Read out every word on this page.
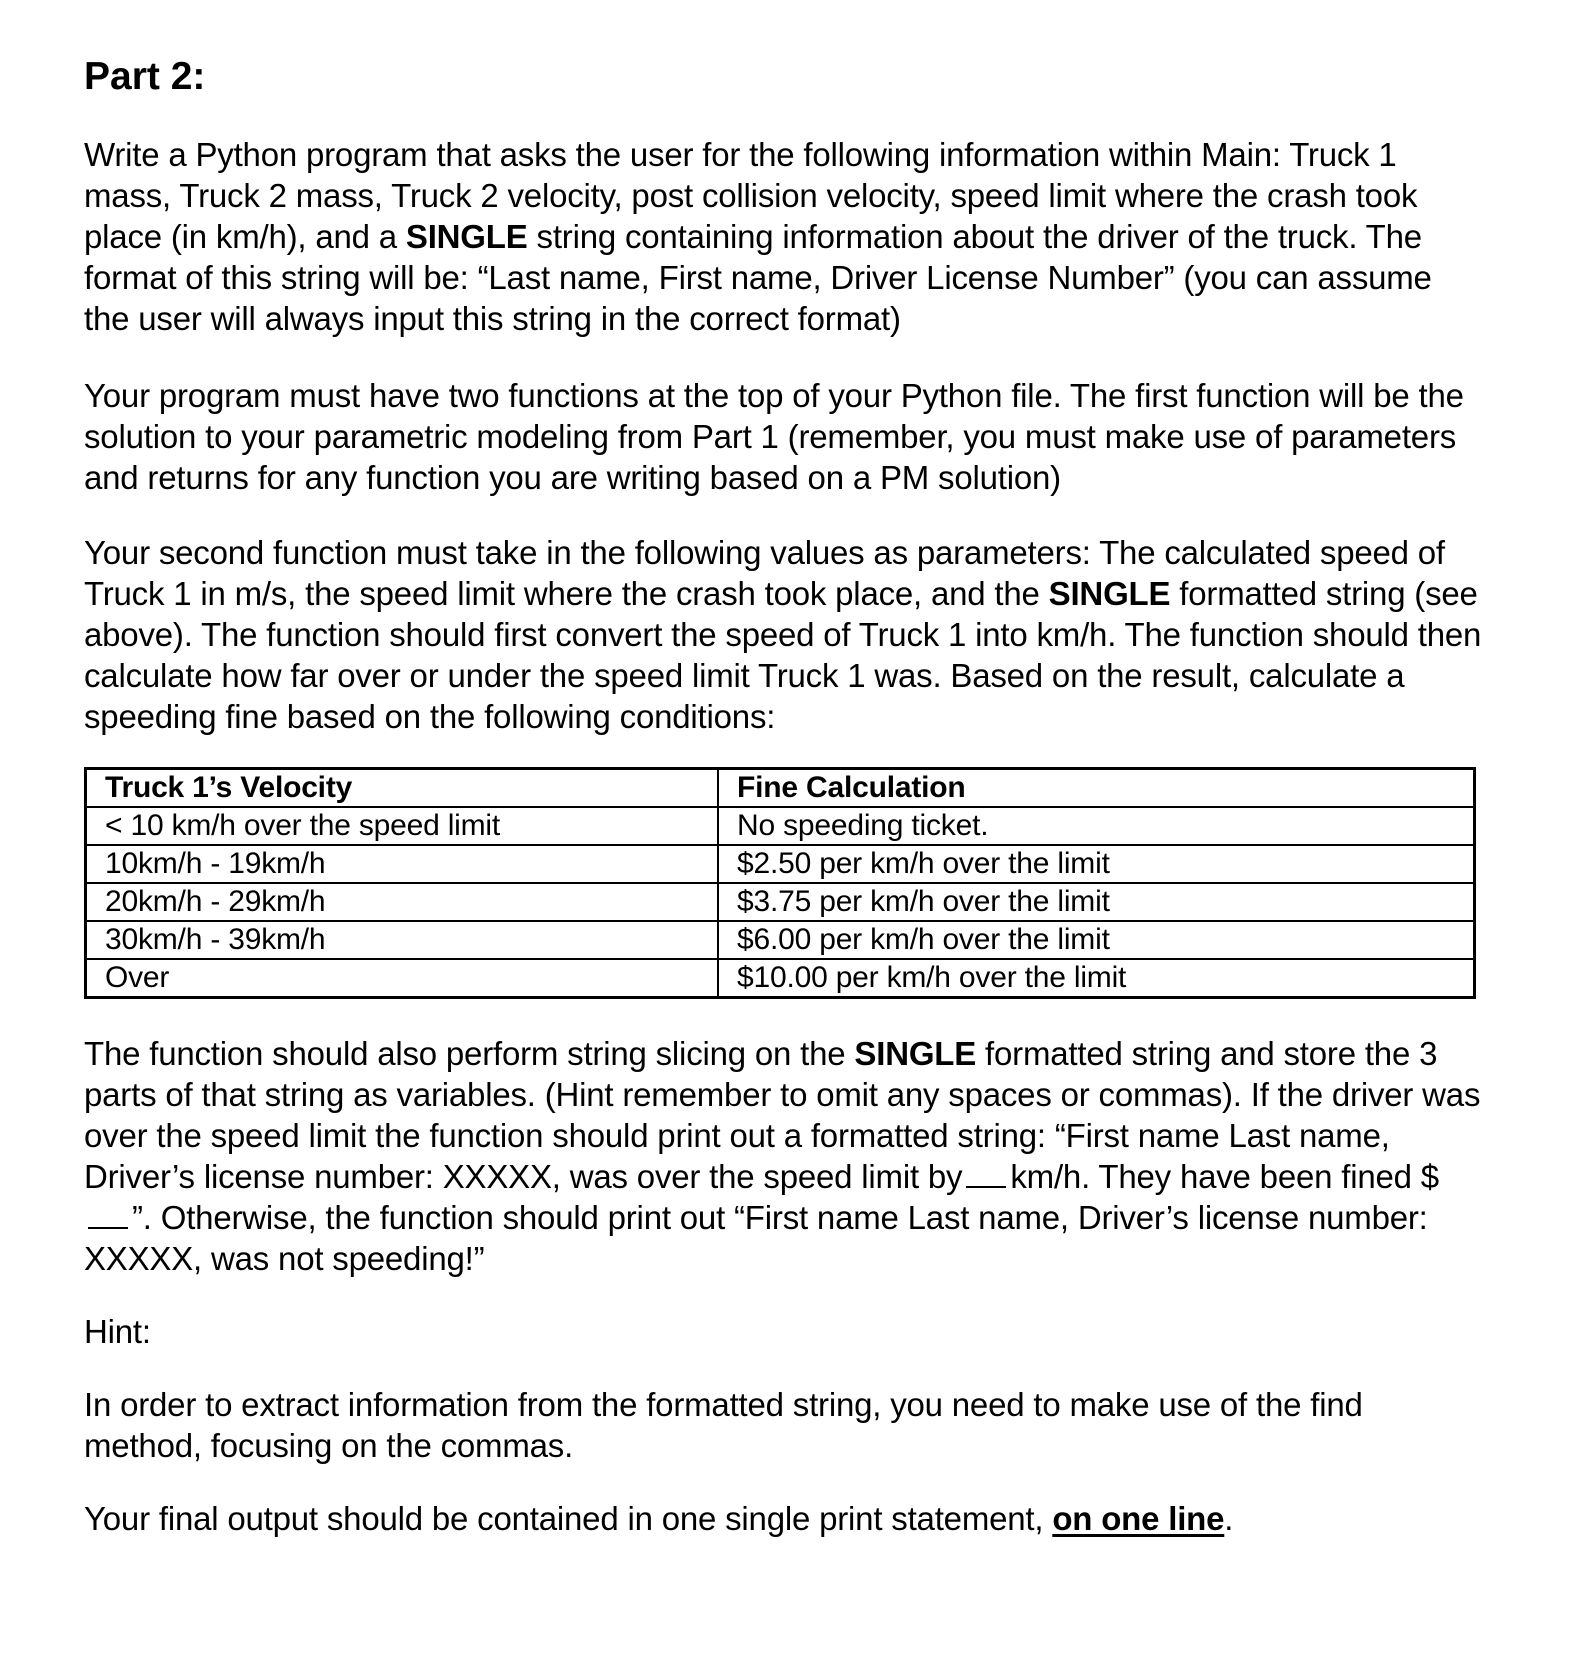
Part 2:

Write a Python program that asks the user for the following information within Main: Truck 1 mass, Truck 2 mass, Truck 2 velocity, post collision velocity, speed limit where the crash took place (in km/h), and a SINGLE string containing information about the driver of the truck. The format of this string will be: “Last name, First name, Driver License Number” (you can assume the user will always input this string in the correct format)

Your program must have two functions at the top of your Python file. The first function will be the solution to your parametric modeling from Part 1 (remember, you must make use of parameters and returns for any function you are writing based on a PM solution)

Your second function must take in the following values as parameters: The calculated speed of Truck 1 in m/s, the speed limit where the crash took place, and the SINGLE formatted string (see above). The function should first convert the speed of Truck 1 into km/h. The function should then calculate how far over or under the speed limit Truck 1 was. Based on the result, calculate a speeding fine based on the following conditions:

Truck 1’s Velocity	Fine Calculation
< 10 km/h over the speed limit	No speeding ticket.
10km/h - 19km/h	$2.50 per km/h over the limit
20km/h - 29km/h	$3.75 per km/h over the limit
30km/h - 39km/h	$6.00 per km/h over the limit
Over	$10.00 per km/h over the limit

The function should also perform string slicing on the SINGLE formatted string and store the 3 parts of that string as variables. (Hint remember to omit any spaces or commas). If the driver was over the speed limit the function should print out a formatted string: “First name Last name, Driver’s license number: XXXXX, was over the speed limit by km/h. They have been fined $”. Otherwise, the function should print out “First name Last name, Driver’s license number: XXXXX, was not speeding!”

Hint:

In order to extract information from the formatted string, you need to make use of the find method, focusing on the commas.

Your final output should be contained in one single print statement, on one line.
